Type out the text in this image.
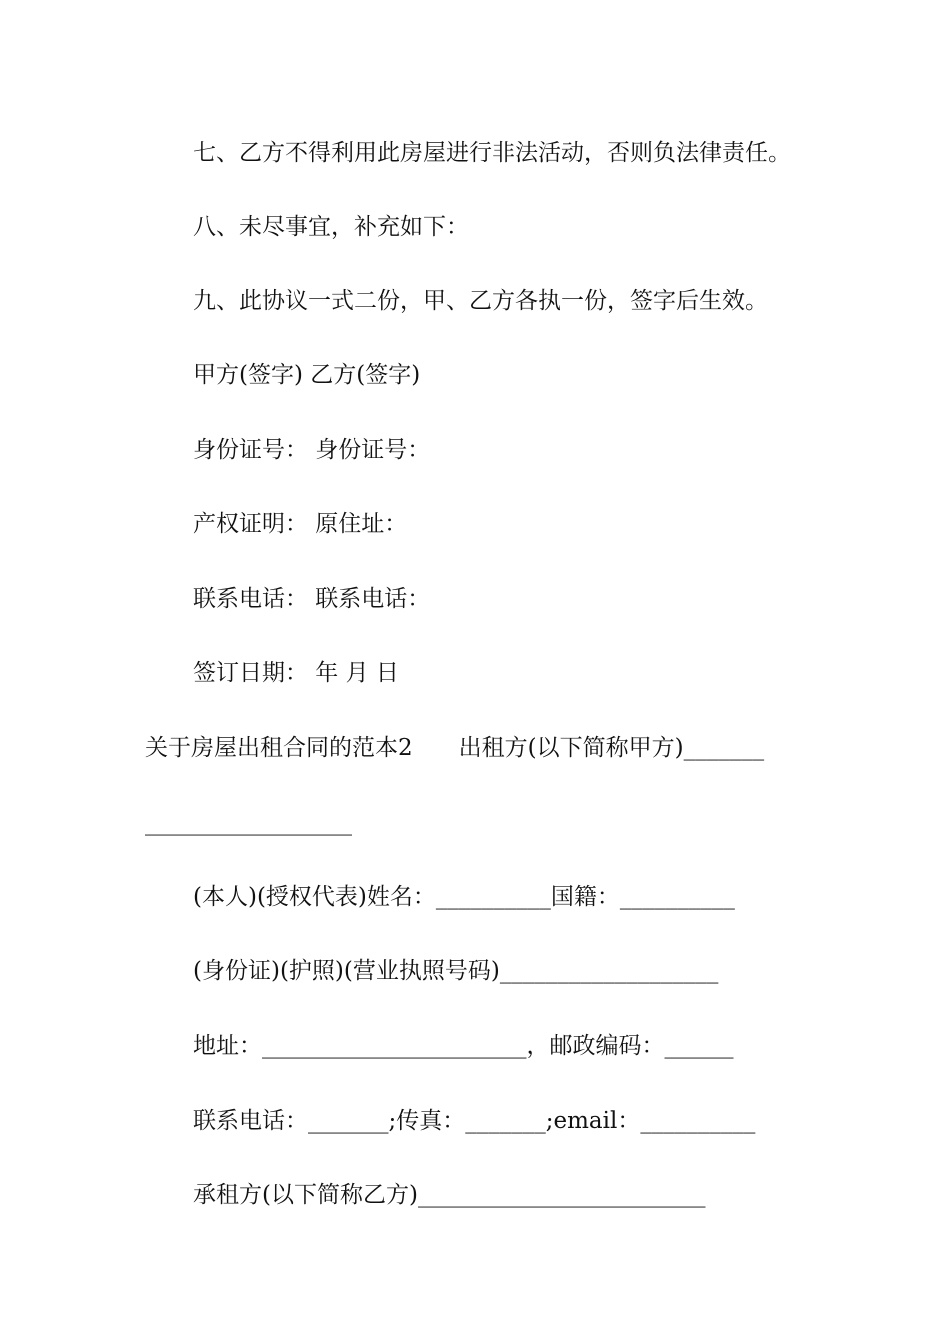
七、乙方不得利用此房屋进行非法活动，否则负法律责任。
八、未尽事宜，补充如下：
九、此协议一式二份，甲、乙方各执一份，签字后生效。
甲方(签字) 乙方(签字)
身份证号： 身份证号：
产权证明： 原住址：
联系电话： 联系电话：
签订日期： 年 月 日
关于房屋出租合同的范本2　　出租方(以下简称甲方)_______
__________________
(本人)(授权代表)姓名：__________国籍：__________
(身份证)(护照)(营业执照号码)___________________
地址：_______________________，邮政编码：______
联系电话：_______;传真：_______;email：__________
承租方(以下简称乙方)_________________________
